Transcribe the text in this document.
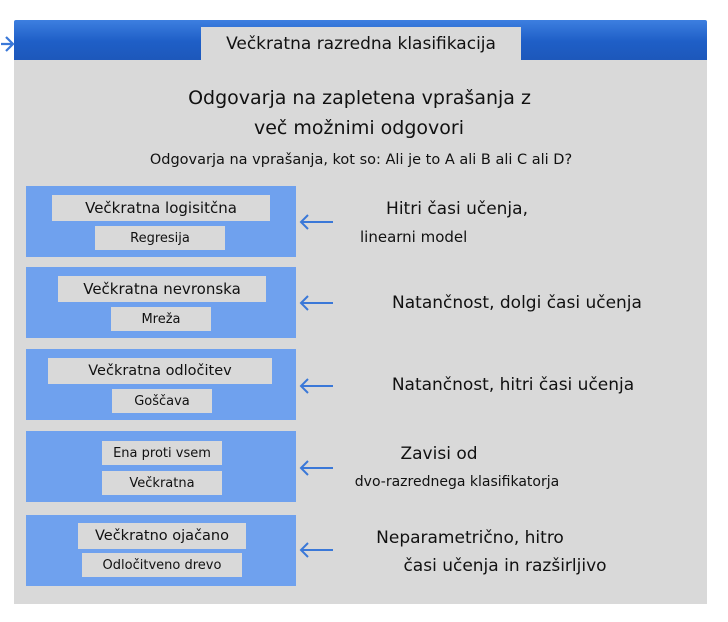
Večkratna razredna klasifikacija
Odgovarja na zapletena vprašanja z
več možnimi odgovori
Odgovarja na vprašanja, kot so: Ali je to A ali B ali C ali D?
Večkratna logisitčna
Regresija
Hitri časi učenja,
linearni model
Večkratna nevronska
Mreža
Natančnost, dolgi časi učenja
Večkratna odločitev
Goščava
Natančnost, hitri časi učenja
Ena proti vsem
Večkratna
Zavisi od
dvo-razrednega klasifikatorja
Večkratno ojačano
Odločitveno drevo
Neparametrično, hitro
časi učenja in razširljivo
